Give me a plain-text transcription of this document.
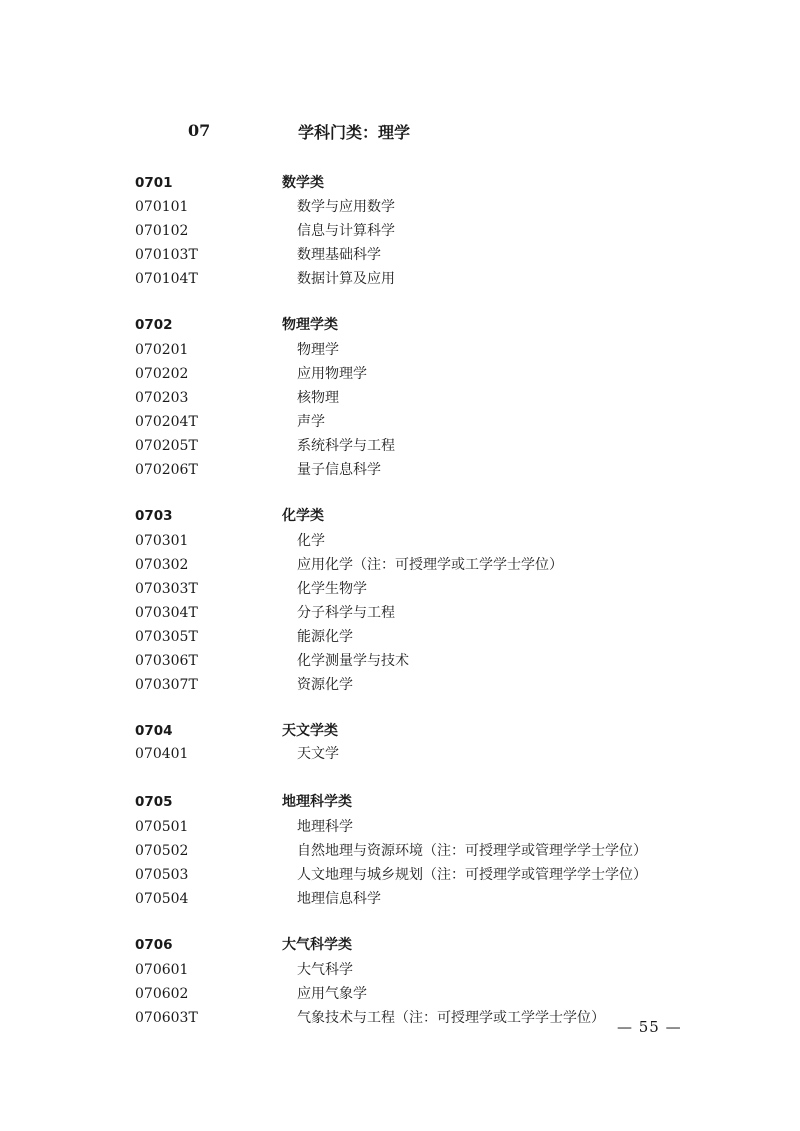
07	学科门类：理学
0701	数学类
070101	数学与应用数学
070102	信息与计算科学
070103T	数理基础科学
070104T	数据计算及应用
0702	物理学类
070201	物理学
070202	应用物理学
070203	核物理
070204T	声学
070205T	系统科学与工程
070206T	量子信息科学
0703	化学类
070301	化学
070302	应用化学（注：可授理学或工学学士学位）
070303T	化学生物学
070304T	分子科学与工程
070305T	能源化学
070306T	化学测量学与技术
070307T	资源化学
0704	天文学类
070401	天文学
0705	地理科学类
070501	地理科学
070502	自然地理与资源环境（注：可授理学或管理学学士学位）
070503	人文地理与城乡规划（注：可授理学或管理学学士学位）
070504	地理信息科学
0706	大气科学类
070601	大气科学
070602	应用气象学
070603T	气象技术与工程（注：可授理学或工学学士学位） — 55 —
